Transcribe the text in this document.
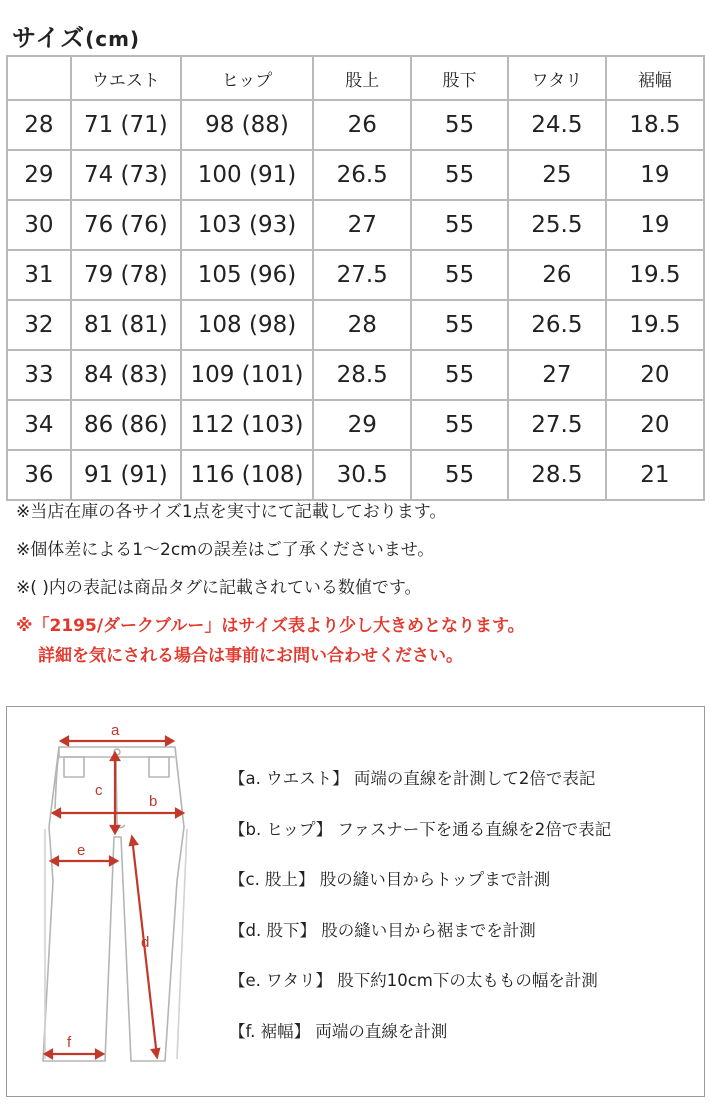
サイズ(cm)
	ウエスト	ヒップ	股上	股下	ワタリ	裾幅
28	71 (71)	98 (88)	26	55	24.5	18.5
29	74 (73)	100 (91)	26.5	55	25	19
30	76 (76)	103 (93)	27	55	25.5	19
31	79 (78)	105 (96)	27.5	55	26	19.5
32	81 (81)	108 (98)	28	55	26.5	19.5
33	84 (83)	109 (101)	28.5	55	27	20
34	86 (86)	112 (103)	29	55	27.5	20
36	91 (91)	116 (108)	30.5	55	28.5	21
※当店在庫の各サイズ1点を実寸にて記載しております。
※個体差による1〜2cmの誤差はご了承くださいませ。
※( )内の表記は商品タグに記載されている数値です。
※「2195/ダークブルー」はサイズ表より少し大きめとなります。
詳細を気にされる場合は事前にお問い合わせください。
a
b
c
d
e
f
【a. ウエスト】 両端の直線を計測して2倍で表記
【b. ヒップ】 ファスナー下を通る直線を2倍で表記
【c. 股上】 股の縫い目からトップまで計測
【d. 股下】 股の縫い目から裾までを計測
【e. ワタリ】 股下約10cm下の太ももの幅を計測
【f. 裾幅】 両端の直線を計測
